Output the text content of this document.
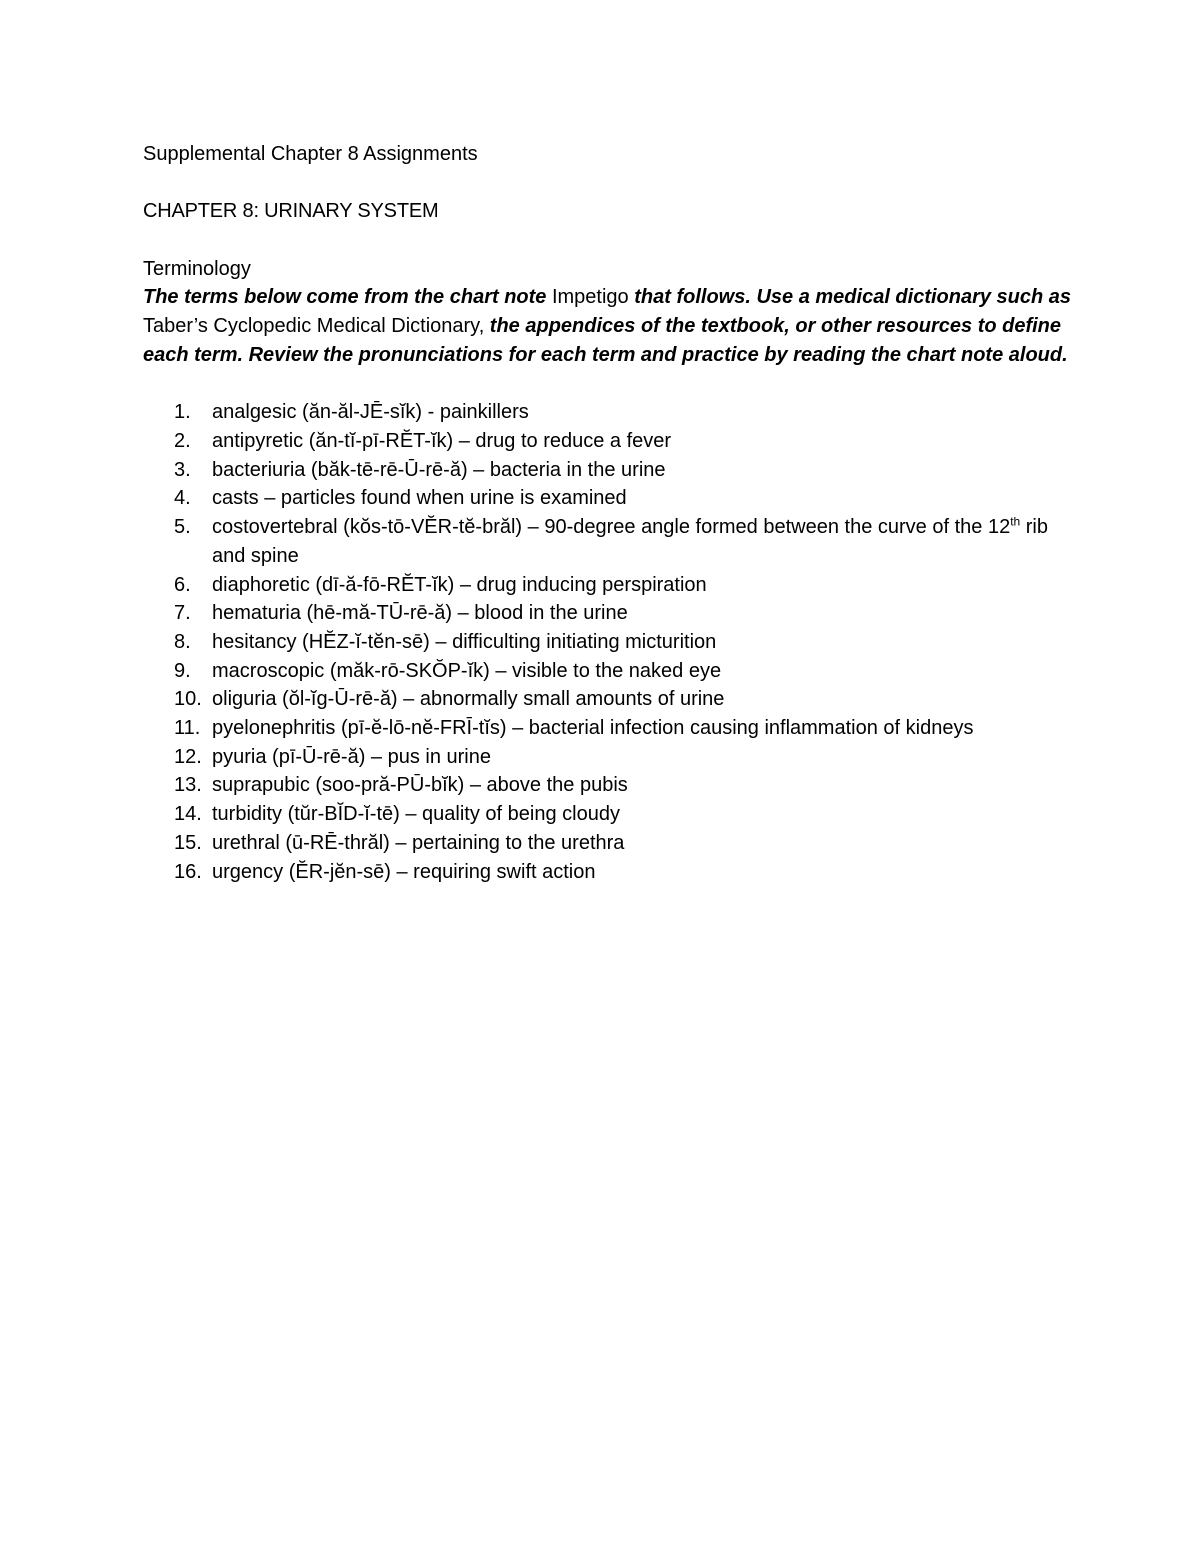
Supplemental Chapter 8 Assignments

CHAPTER 8: URINARY SYSTEM

Terminology

The terms below come from the chart note Impetigo that follows. Use a medical dictionary such as Taber’s Cyclopedic Medical Dictionary, the appendices of the textbook, or other resources to define each term. Review the pronunciations for each term and practice by reading the chart note aloud.

1.	analgesic (ăn-ăl-JĒ-sĭk) - painkillers
2.	antipyretic (ăn-tĭ-pī-RĔT-ĭk) – drug to reduce a fever
3.	bacteriuria (băk-tē-rē-Ū-rē-ă) – bacteria in the urine
4.	casts – particles found when urine is examined
5.	costovertebral (kŏs-tō-VĔR-tĕ-brăl) – 90-degree angle formed between the curve of the 12th rib and spine
6.	diaphoretic (dī-ă-fō-RĔT-ĭk) – drug inducing perspiration
7.	hematuria (hē-mă-TŪ-rē-ă) – blood in the urine
8.	hesitancy (HĔZ-ĭ-tĕn-sē) – difficulting initiating micturition
9.	macroscopic (măk-rō-SKŎP-ĭk) – visible to the naked eye
10. oliguria (ŏl-ĭg-Ū-rē-ă) – abnormally small amounts of urine
11. pyelonephritis (pī-ĕ-lō-nĕ-FRĪ-tĭs) – bacterial infection causing inflammation of kidneys
12. pyuria (pī-Ū-rē-ă) – pus in urine
13. suprapubic (soo-pră-PŪ-bĭk) – above the pubis
14. turbidity (tŭr-BĬD-ĭ-tē) – quality of being cloudy
15. urethral (ū-RĒ-thrăl) – pertaining to the urethra
16. urgency (ĔR-jĕn-sē) – requiring swift action
